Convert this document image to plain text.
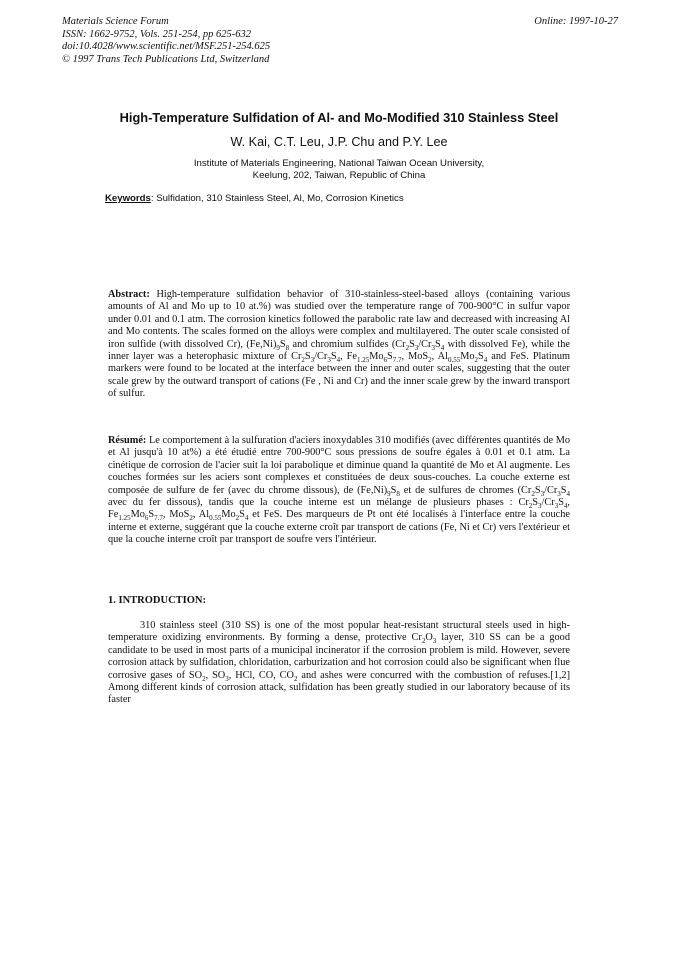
Materials Science Forum
ISSN: 1662-9752, Vols. 251-254, pp 625-632
doi:10.4028/www.scientific.net/MSF.251-254.625
© 1997 Trans Tech Publications Ltd, Switzerland
Online: 1997-10-27
High-Temperature Sulfidation of Al- and Mo-Modified 310 Stainless Steel
W. Kai, C.T. Leu, J.P. Chu and P.Y. Lee
Institute of Materials Engineering, National Taiwan Ocean University,
Keelung, 202, Taiwan, Republic of China
Keywords: Sulfidation, 310 Stainless Steel, Al, Mo, Corrosion Kinetics
Abstract: High-temperature sulfidation behavior of 310-stainless-steel-based alloys (containing various amounts of Al and Mo up to 10 at.%) was studied over the temperature range of 700-900°C in sulfur vapor under 0.01 and 0.1 atm. The corrosion kinetics followed the parabolic rate law and decreased with increasing Al and Mo contents. The scales formed on the alloys were complex and multilayered. The outer scale consisted of iron sulfide (with dissolved Cr), $(Fe,Ni)_9S_8$ and chromium sulfides ($Cr_2S_3/Cr_3S_4$ with dissolved Fe), while the inner layer was a heterophasic mixture of $Cr_2S_3/Cr_3S_4$, $Fe_{1.25}Mo_6S_{7.7}$, MoS$_2$, $Al_{0.55}Mo_2S_4$ and FeS. Platinum markers were found to be located at the interface between the inner and outer scales, suggesting that the outer scale grew by the outward transport of cations (Fe , Ni and Cr) and the inner scale grew by the inward transport of sulfur.
Résumé: Le comportement à la sulfuration d'aciers inoxydables 310 modifiés (avec différentes quantités de Mo et Al jusqu'à 10 at%) a été étudié entre 700-900°C sous pressions de soufre égales à 0.01 et 0.1 atm. La cinétique de corrosion de l'acier suit la loi parabolique et diminue quand la quantité de Mo et Al augmente. Les couches formées sur les aciers sont complexes et constituées de deux sous-couches. La couche externe est composée de sulfure de fer (avec du chrome dissous), de $(Fe,Ni)_9S_8$ et de sulfures de chromes ($Cr_2S_3/Cr_3S_4$ avec du fer dissous), tandis que la couche interne est un mélange de plusieurs phases : $Cr_2S_3/Cr_3S_4$, $Fe_{1.25}Mo_6S_{7.7}$, MoS$_2$, $Al_{0.55}Mo_2S_4$ et FeS. Des marqueurs de Pt ont été localisés à l'interface entre la couche interne et externe, suggérant que la couche externe croît par transport de cations (Fe, Ni et Cr) vers l'extérieur et que la couche interne croît par transport de soufre vers l'intérieur.
1. INTRODUCTION:
310 stainless steel (310 SS) is one of the most popular heat-resistant structural steels used in high-temperature oxidizing environments. By forming a dense, protective $Cr_2O_3$ layer, 310 SS can be a good candidate to be used in most parts of a municipal incinerator if the corrosion problem is mild. However, severe corrosion attack by sulfidation, chloridation, carburization and hot corrosion could also be significant when flue corrosive gases of $SO_2$, $SO_3$, HCl, CO, $CO_2$ and ashes were concurred with the combustion of refuses.[1,2] Among different kinds of corrosion attack, sulfidation has been greatly studied in our laboratory because of its faster
